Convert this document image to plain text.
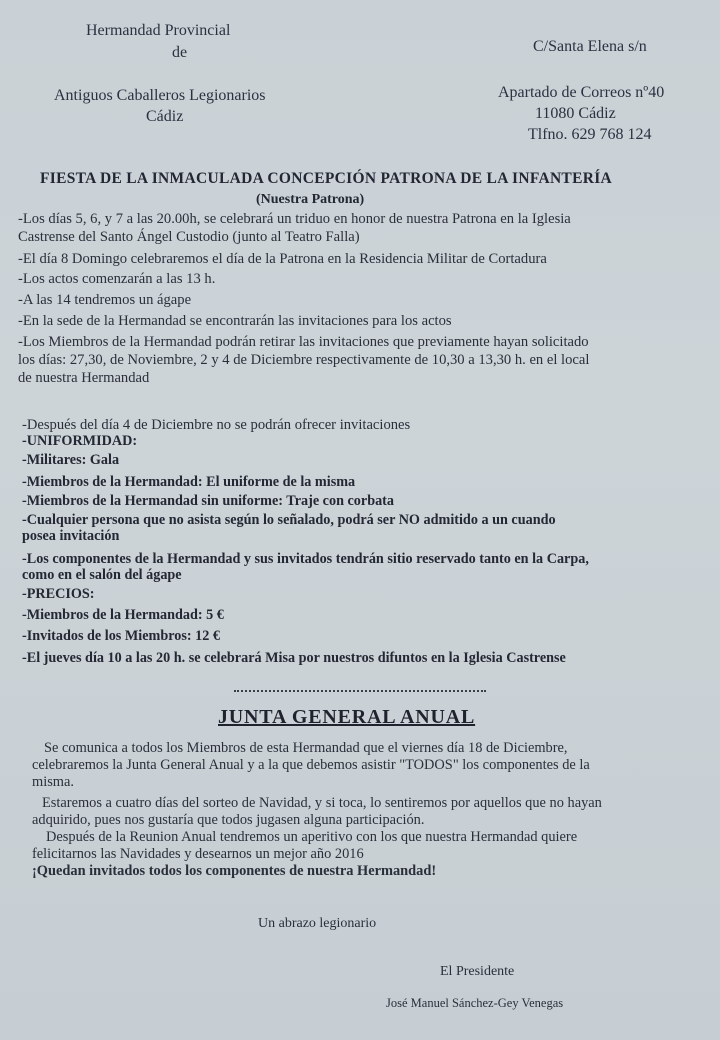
Hermandad Provincial
de
Antiguos Caballeros Legionarios
Cádiz
C/Santa Elena s/n
Apartado de Correos nº40
11080 Cádiz
Tlfno. 629 768 124
FIESTA DE LA INMACULADA CONCEPCIÓN PATRONA DE LA INFANTERÍA
(Nuestra Patrona)
-Los días 5, 6, y 7 a las 20.00h, se celebrará un triduo en honor de nuestra Patrona en la Iglesia
Castrense del Santo Ángel Custodio (junto al Teatro Falla)
-El día 8 Domingo celebraremos el día de la Patrona en la Residencia Militar de Cortadura
-Los actos comenzarán a las 13 h.
-A las 14 tendremos un ágape
-En la sede de la Hermandad se encontrarán las invitaciones para los actos
-Los Miembros de la Hermandad podrán retirar las invitaciones que previamente hayan solicitado
los días: 27,30, de Noviembre, 2 y 4 de Diciembre respectivamente de 10,30 a 13,30 h. en el local
de nuestra Hermandad
-Después del día 4 de Diciembre no se podrán ofrecer invitaciones
-UNIFORMIDAD:
-Militares: Gala
-Miembros de la Hermandad: El uniforme de la misma
-Miembros de la Hermandad sin uniforme: Traje con corbata
-Cualquier persona que no asista según lo señalado, podrá ser NO admitido a un cuando
posea invitación
-Los componentes de la Hermandad y sus invitados tendrán sitio reservado tanto en la Carpa,
como en el salón del ágape
-PRECIOS:
-Miembros de la Hermandad: 5 €
-Invitados de los Miembros: 12 €
-El jueves día 10 a las 20 h. se celebrará Misa por nuestros difuntos en la Iglesia Castrense
JUNTA GENERAL ANUAL
Se comunica a todos los Miembros de esta Hermandad que el viernes día 18 de Diciembre,
celebraremos la Junta General Anual y a la que debemos asistir "TODOS" los componentes de la
misma.
Estaremos a cuatro días del sorteo de Navidad, y si toca, lo sentiremos por aquellos que no hayan
adquirido, pues nos gustaría que todos jugasen alguna participación.
Después de la Reunion Anual tendremos un aperitivo con los que nuestra Hermandad quiere
felicitarnos las Navidades y desearnos un mejor año 2016
¡Quedan invitados todos los componentes de nuestra Hermandad!
Un abrazo legionario
El Presidente
José Manuel Sánchez-Gey Venegas
